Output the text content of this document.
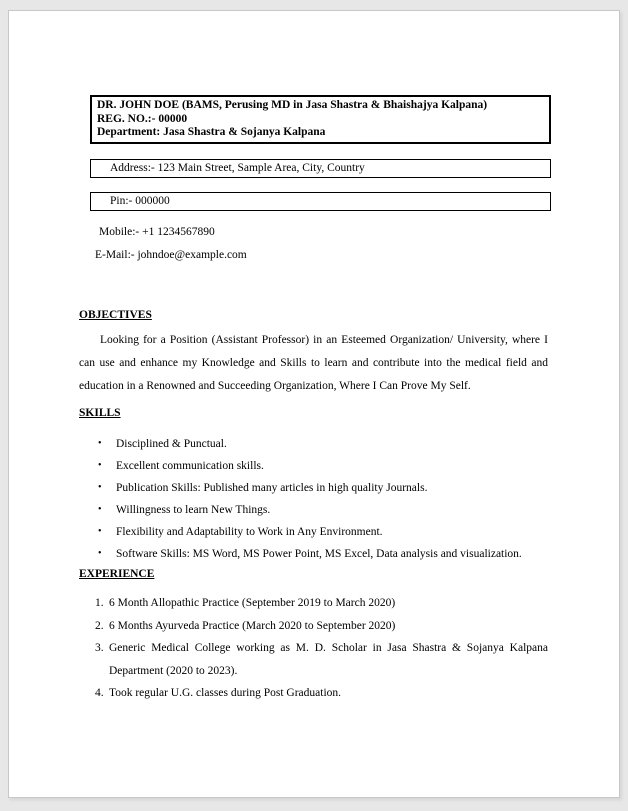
DR. JOHN DOE (BAMS, Perusing MD in Jasa Shastra & Bhaishajya Kalpana)
REG. NO.:- 00000
Department: Jasa Shastra & Sojanya Kalpana
Address:- 123 Main Street, Sample Area, City, Country
Pin:- 000000
Mobile:- +1 1234567890
E-Mail:- johndoe@example.com
OBJECTIVES

Looking for a Position (Assistant Professor) in an Esteemed Organization/ University, where I can use and enhance my Knowledge and Skills to learn and contribute into the medical field and education in a Renowned and Succeeding Organization, Where I Can Prove My Self.

SKILLS
• Disciplined & Punctual.
• Excellent communication skills.
• Publication Skills: Published many articles in high quality Journals.
• Willingness to learn New Things.
• Flexibility and Adaptability to Work in Any Environment.
• Software Skills: MS Word, MS Power Point, MS Excel, Data analysis and visualization.
EXPERIENCE
6 Month Allopathic Practice (September 2019 to March 2020)
6 Months Ayurveda Practice (March 2020 to September 2020)
Generic Medical College working as M. D. Scholar in Jasa Shastra & Sojanya Kalpana Department (2020 to 2023).
Took regular U.G. classes during Post Graduation.
